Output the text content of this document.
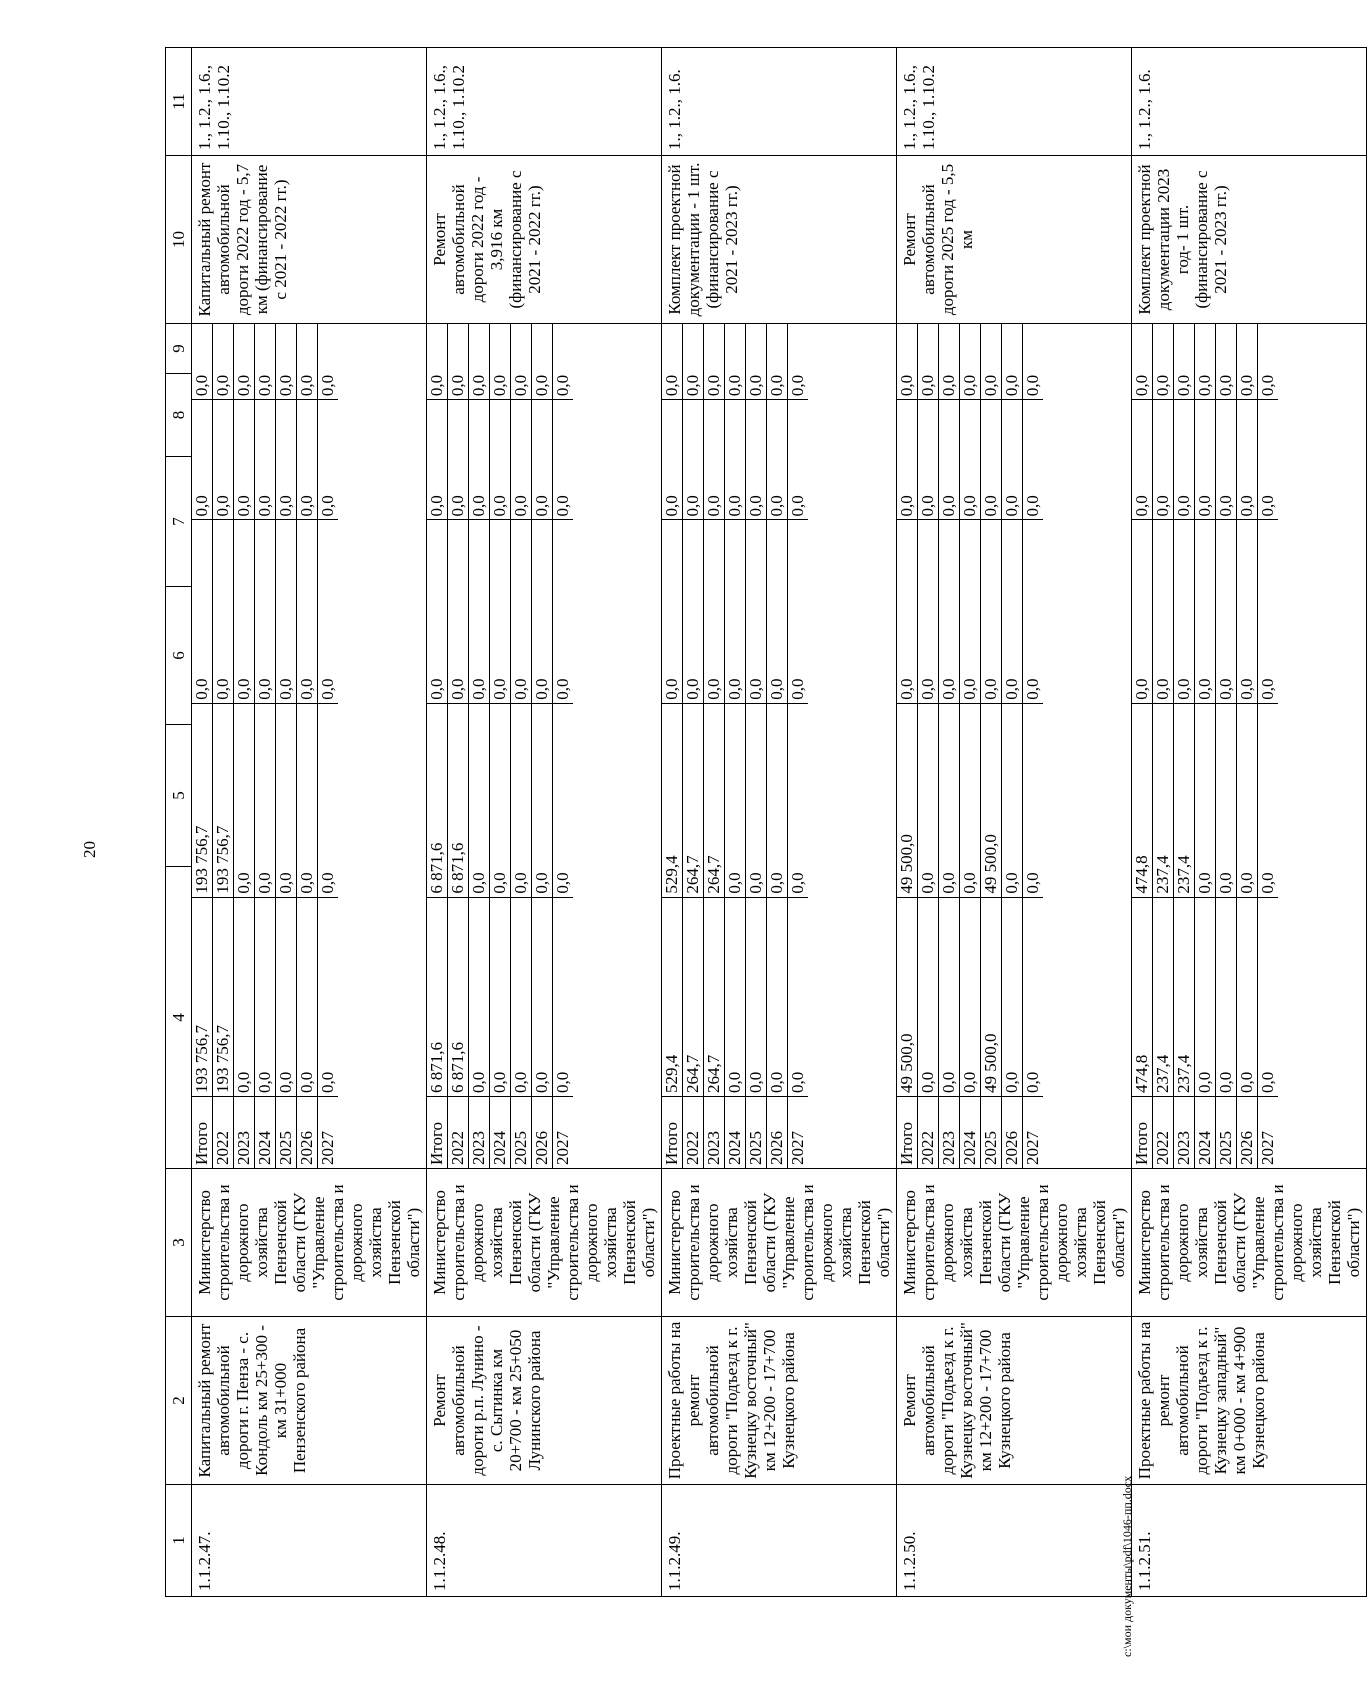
20
1	2	3	4	5	6	7	8	9	10	11
1.1.2.47.	Капитальный ремонт автомобильной дороги г. Пенза - с. Кондоль км 25+300 - км 31+000 Пензенского района	Министерство строительства и дорожного хозяйства Пензенской области (ГКУ "Управление строительства и дорожного хозяйства Пензенской области")	
Итого	193 756,7	193 756,7	0,0	0,0	0,0
2022	193 756,7	193 756,7	0,0	0,0	0,0
2023	0,0	0,0	0,0	0,0	0,0
2024	0,0	0,0	0,0	0,0	0,0
2025	0,0	0,0	0,0	0,0	0,0
2026	0,0	0,0	0,0	0,0	0,0
2027	0,0	0,0	0,0	0,0	0,0
	Капитальный ремонт автомобильной дороги 2022 год - 5,7 км (финансирование с 2021 - 2022 гг.)	1., 1.2., 1.6., 1.10., 1.10.2
1.1.2.48.	Ремонт автомобильной дороги р.п. Лунино - с. Сытинка км 20+700 - км 25+050 Лунинского района	Министерство строительства и дорожного хозяйства Пензенской области (ГКУ "Управление строительства и дорожного хозяйства Пензенской области")	
Итого	6 871,6	6 871,6	0,0	0,0	0,0
2022	6 871,6	6 871,6	0,0	0,0	0,0
2023	0,0	0,0	0,0	0,0	0,0
2024	0,0	0,0	0,0	0,0	0,0
2025	0,0	0,0	0,0	0,0	0,0
2026	0,0	0,0	0,0	0,0	0,0
2027	0,0	0,0	0,0	0,0	0,0
	Ремонт автомобильной дороги 2022 год - 3,916 км (финансирование с 2021 - 2022 гг.)	1., 1.2., 1.6., 1.10., 1.10.2
1.1.2.49.	Проектные работы на ремонт автомобильной дороги "Подъезд к г. Кузнецку восточный" км 12+200 - 17+700 Кузнецкого района	Министерство строительства и дорожного хозяйства Пензенской области (ГКУ "Управление строительства и дорожного хозяйства Пензенской области")	
Итого	529,4	529,4	0,0	0,0	0,0
2022	264,7	264,7	0,0	0,0	0,0
2023	264,7	264,7	0,0	0,0	0,0
2024	0,0	0,0	0,0	0,0	0,0
2025	0,0	0,0	0,0	0,0	0,0
2026	0,0	0,0	0,0	0,0	0,0
2027	0,0	0,0	0,0	0,0	0,0
	Комплект проектной документации - 1 шт. (финансирование с 2021 - 2023 гг.)	1., 1.2., 1.6.
1.1.2.50.	Ремонт автомобильной дороги "Подъезд к г. Кузнецку восточный" км 12+200 - 17+700 Кузнецкого района	Министерство строительства и дорожного хозяйства Пензенской области (ГКУ "Управление строительства и дорожного хозяйства Пензенской области")	
Итого	49 500,0	49 500,0	0,0	0,0	0,0
2022	0,0	0,0	0,0	0,0	0,0
2023	0,0	0,0	0,0	0,0	0,0
2024	0,0	0,0	0,0	0,0	0,0
2025	49 500,0	49 500,0	0,0	0,0	0,0
2026	0,0	0,0	0,0	0,0	0,0
2027	0,0	0,0	0,0	0,0	0,0
	Ремонт автомобильной дороги 2025 год - 5,5 км	1., 1.2., 1.6., 1.10., 1.10.2
1.1.2.51.	Проектные работы на ремонт автомобильной дороги "Подъезд к г. Кузнецку западный" км 0+000 - км 4+900 Кузнецкого района	Министерство строительства и дорожного хозяйства Пензенской области (ГКУ "Управление строительства и дорожного хозяйства Пензенской области")	
Итого	474,8	474,8	0,0	0,0	0,0
2022	237,4	237,4	0,0	0,0	0,0
2023	237,4	237,4	0,0	0,0	0,0
2024	0,0	0,0	0,0	0,0	0,0
2025	0,0	0,0	0,0	0,0	0,0
2026	0,0	0,0	0,0	0,0	0,0
2027	0,0	0,0	0,0	0,0	0,0
	Комплект проектной документации 2023 год- 1 шт. (финансирование с 2021 - 2023 гг.)	1., 1.2., 1.6.
c:\мои документы\pdf\1046-пп.docx
